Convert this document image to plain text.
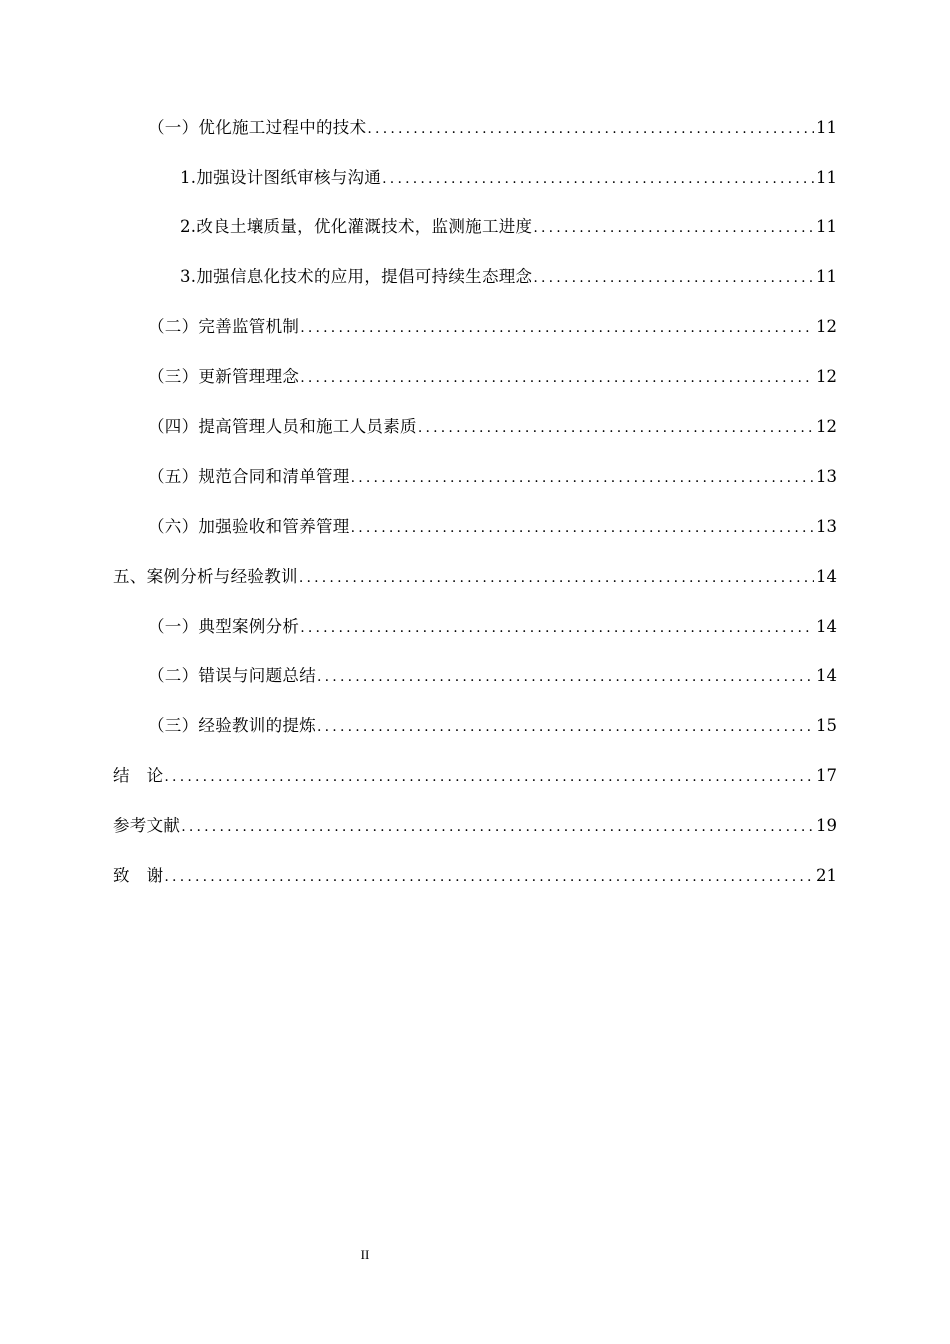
（一）优化施工过程中的技术 .....	11
1.加强设计图纸审核与沟通 .....	11
2.改良土壤质量，优化灌溉技术，监测施工进度 .....	11
3.加强信息化技术的应用，提倡可持续生态理念 .....	11
（二）完善监管机制 .....	12
（三）更新管理理念 .....	12
（四）提高管理人员和施工人员素质 .....	12
（五）规范合同和清单管理 .....	13
（六）加强验收和管养管理 .....	13
五、案例分析与经验教训 .....	14
（一）典型案例分析 .....	14
（二）错误与问题总结 .....	14
（三）经验教训的提炼 .....	15
结　论 .....	17
参考文献 .....	19
致　谢 .....	21
II
